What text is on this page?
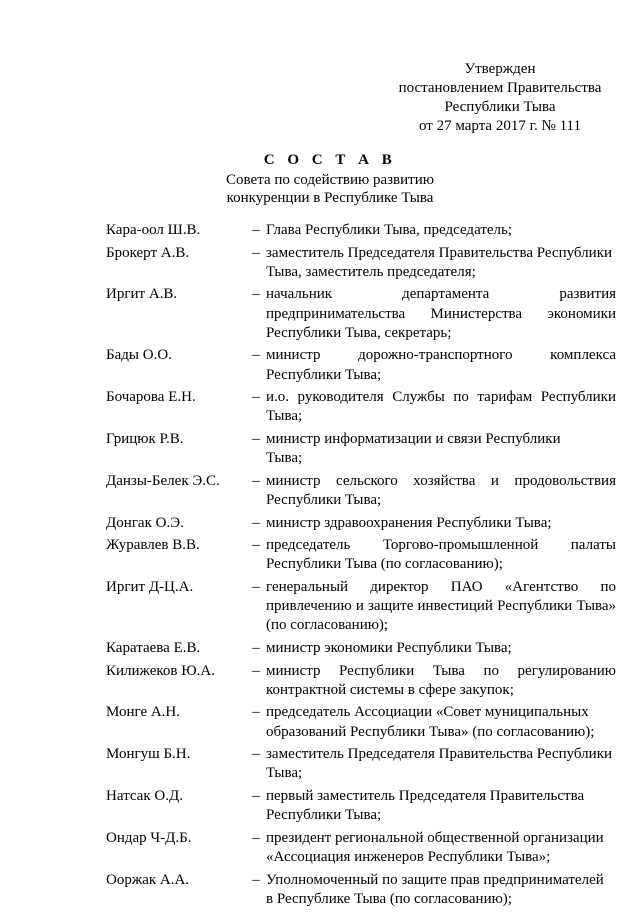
Утвержден
постановлением Правительства
Республики Тыва
от 27 марта 2017 г. № 111
С О С Т А В
Совета по содействию развитию
конкуренции в Республике Тыва
Кара-оол Ш.В.	– Глава Республики Тыва, председатель;
Брокерт А.В.	– заместитель Председателя Правительства Республики
Тыва, заместитель председателя;
Иргит А.В.	– начальник департамента развития предпринимательства Министерства экономики Республики Тыва, секретарь;
Бады О.О.	– министр дорожно-транспортного комплекса Республики Тыва;
Бочарова Е.Н.	– и.о. руководителя Службы по тарифам Республики Тыва;
Грицюк Р.В.	– министр информатизации и связи Республики
Тыва;
Данзы-Белек Э.С.	– министр сельского хозяйства и продовольствия Республики Тыва;
Донгак О.Э.	– министр здравоохранения Республики Тыва;
Журавлев В.В.	– председатель Торгово-промышленной палаты Республики Тыва (по согласованию);
Иргит Д-Ц.А.	– генеральный директор ПАО «Агентство по привлечению и защите инвестиций Республики Тыва» (по согласованию);
Каратаева Е.В.	– министр экономики Республики Тыва;
Килижеков Ю.А.	– министр Республики Тыва по регулированию контрактной системы в сфере закупок;
Монге А.Н.	– председатель Ассоциации «Совет муниципальных
образований Республики Тыва» (по согласованию);
Монгуш Б.Н.	– заместитель Председателя Правительства Республики
Тыва;
Натсак О.Д.	– первый заместитель Председателя Правительства
Республики Тыва;
Ондар Ч-Д.Б.	– президент региональной общественной организации
«Ассоциация инженеров Республики Тыва»;
Ооржак А.А.	– Уполномоченный по защите прав предпринимателей
в Республике Тыва (по согласованию);
